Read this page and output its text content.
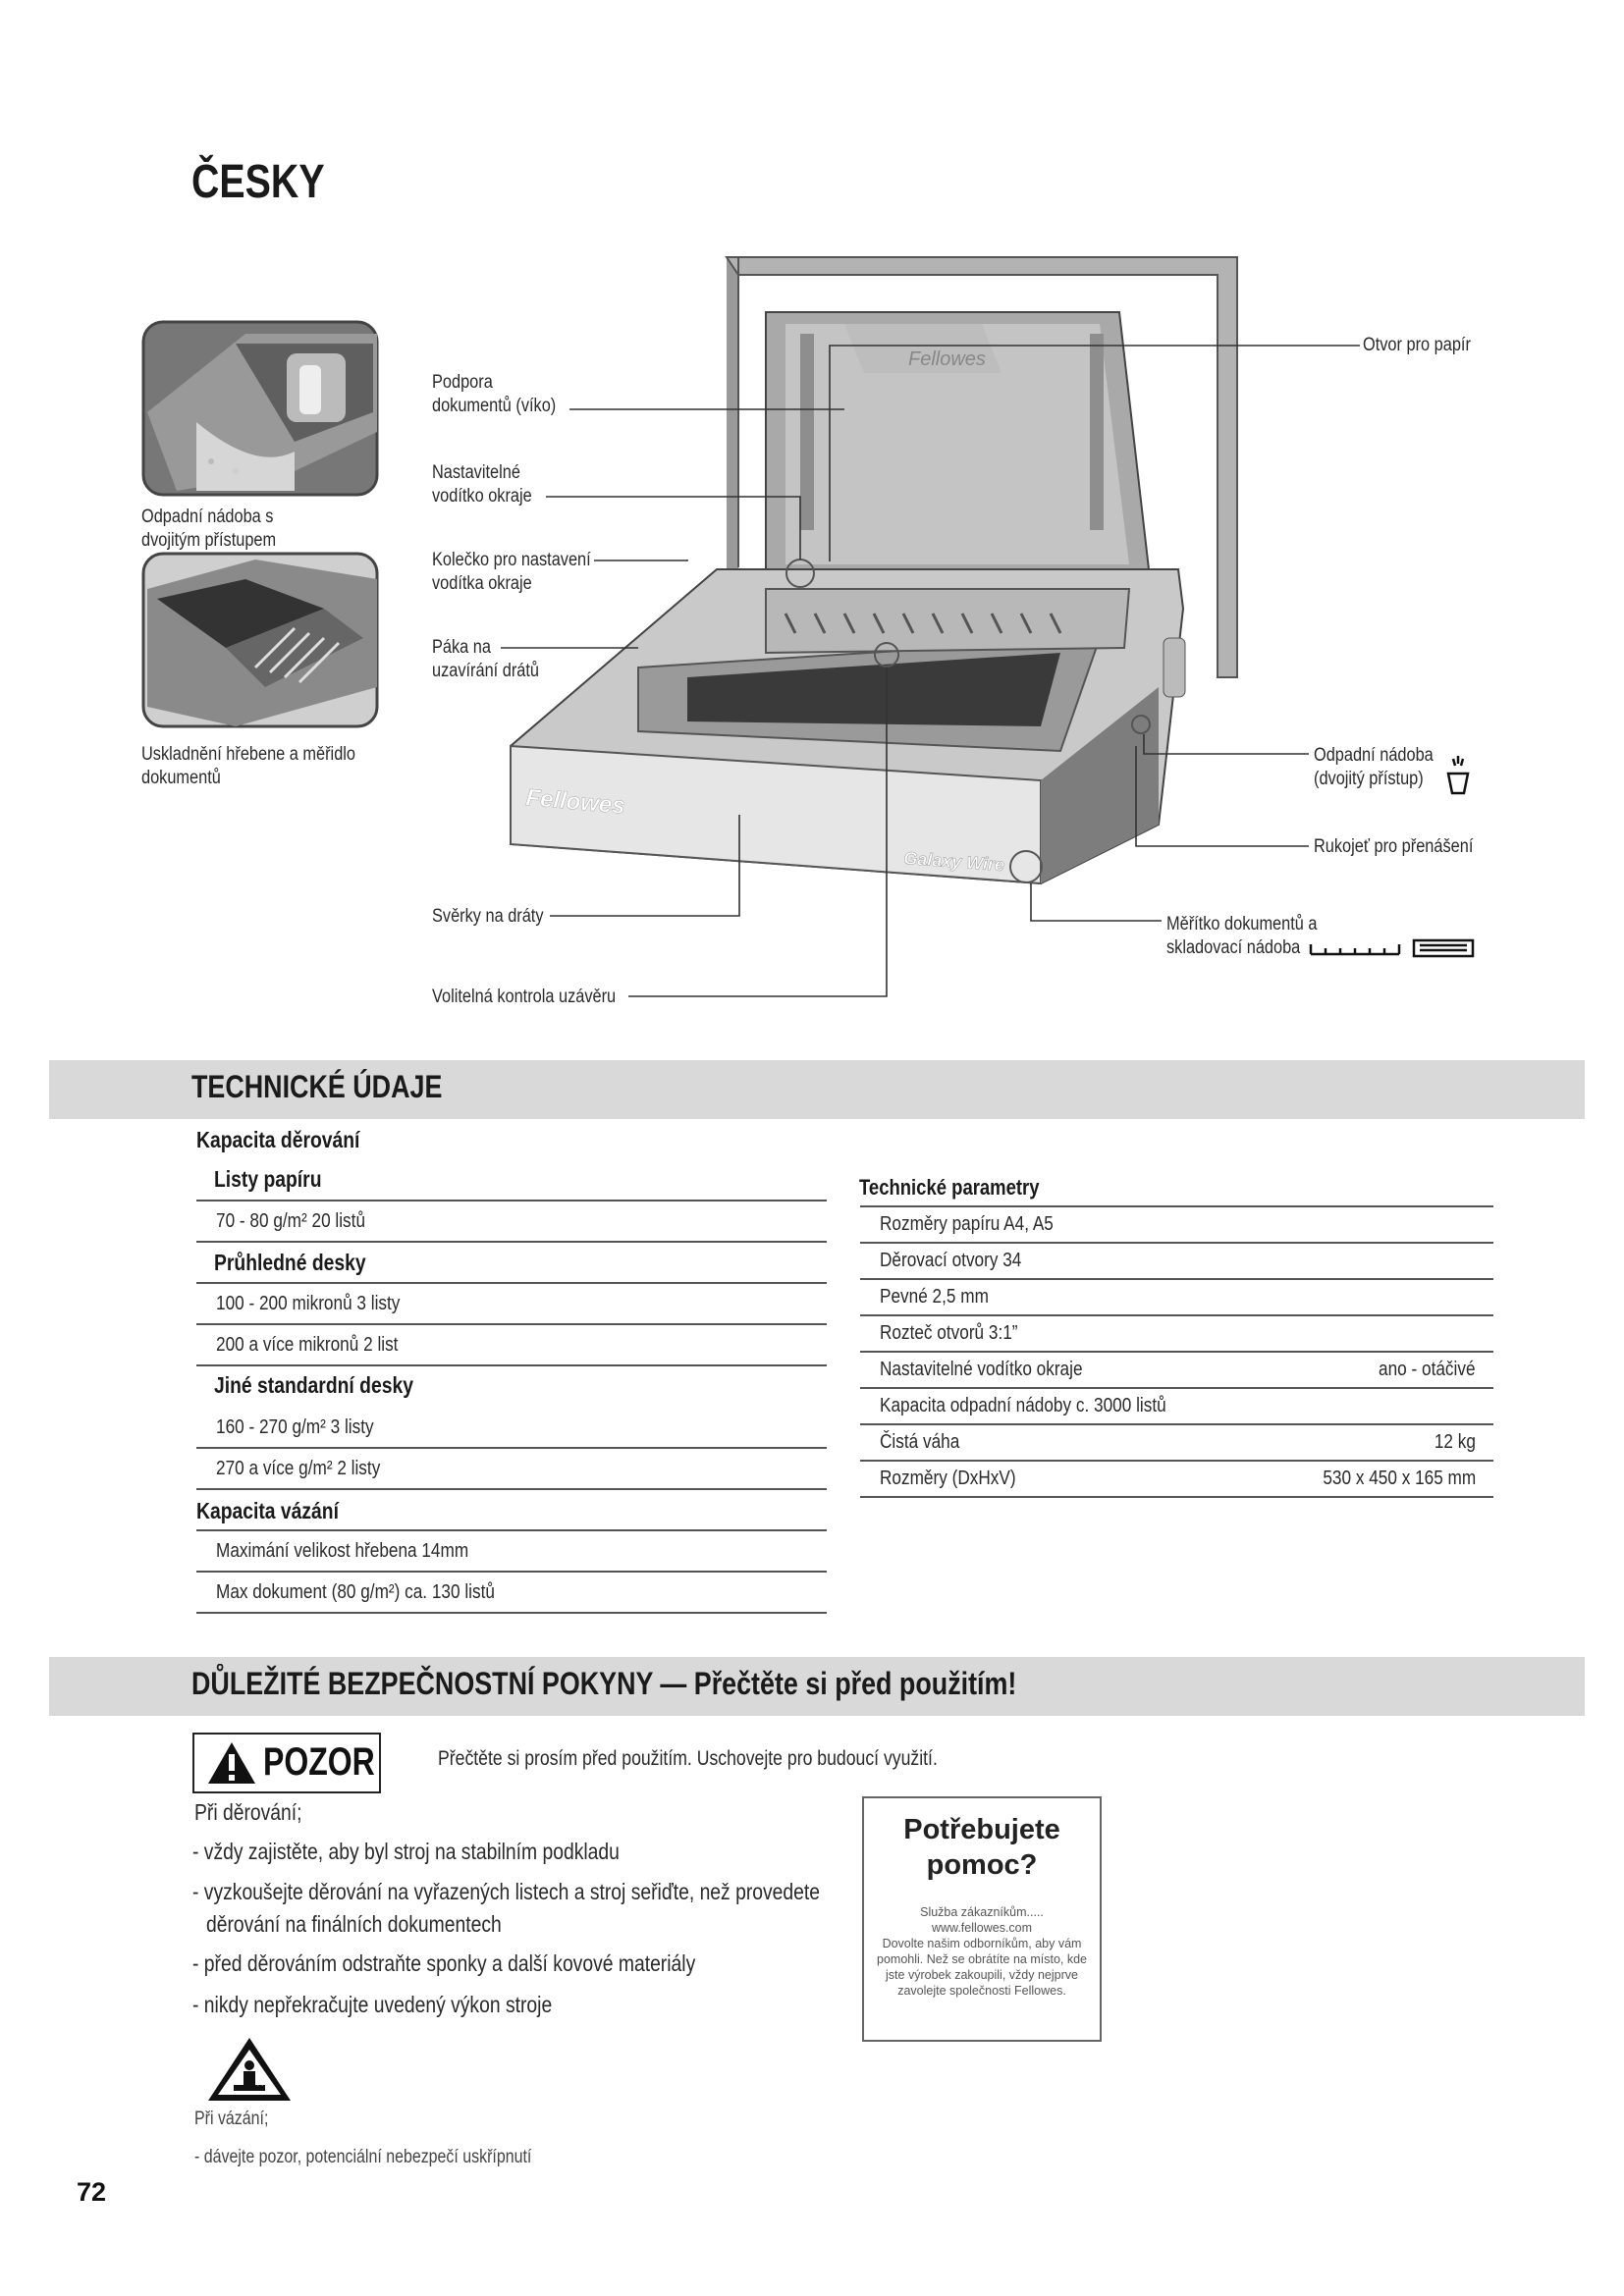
ČESKY
Fellowes
Fellowes
Galaxy Wire
Podpora
dokumentů (víko)
Nastavitelné
vodítko okraje
Kolečko pro nastavení
vodítka okraje
Páka na
uzavírání drátů
Svěrky na dráty
Volitelná kontrola uzávěru
Otvor pro papír
Odpadní nádoba
(dvojitý přístup)
Rukojeť pro přenášení
Měřítko dokumentů a
skladovací nádoba
Odpadní nádoba s
dvojitým přístupem
Uskladnění hřebene a měřidlo
dokumentů
TECHNICKÉ ÚDAJE
Kapacita děrování
Listy papíru
70 - 80 g/m² 20 listů
Průhledné desky
100 - 200 mikronů 3 listy
200 a více mikronů 2 list
Jiné standardní desky
160 - 270 g/m² 3 listy
270 a více g/m² 2 listy
Kapacita vázání
Maximání velikost hřebena 14mm
Max dokument (80 g/m²) ca. 130 listů
Technické parametry
Rozměry papíru A4, A5
Děrovací otvory 34
Pevné 2,5 mm
Rozteč otvorů 3:1”
Nastavitelné vodítko okraje	ano - otáčivé
Kapacita odpadní nádoby c. 3000 listů
Čistá váha	12 kg
Rozměry (DxHxV)	530 x 450 x 165 mm
DŮLEŽITÉ BEZPEČNOSTNÍ POKYNY — Přečtěte si před použitím!
POZOR	Přečtěte si prosím před použitím. Uschovejte pro budoucí využití.
Při děrování;
- vždy zajistěte, aby byl stroj na stabilním podkladu
- vyzkoušejte děrování na vyřazených listech a stroj seřiďte, než provedete
děrování na finálních dokumentech
- před děrováním odstraňte sponky a další kovové materiály
- nikdy nepřekračujte uvedený výkon stroje
Při vázání;
- dávejte pozor, potenciální nebezpečí uskřípnutí
Potřebujete
pomoc?
Služba zákazníkům.....
www.fellowes.com
Dovolte našim odborníkům, aby vám
pomohli. Než se obrátíte na místo, kde
jste výrobek zakoupili, vždy nejprve
zavolejte společnosti Fellowes.
72
